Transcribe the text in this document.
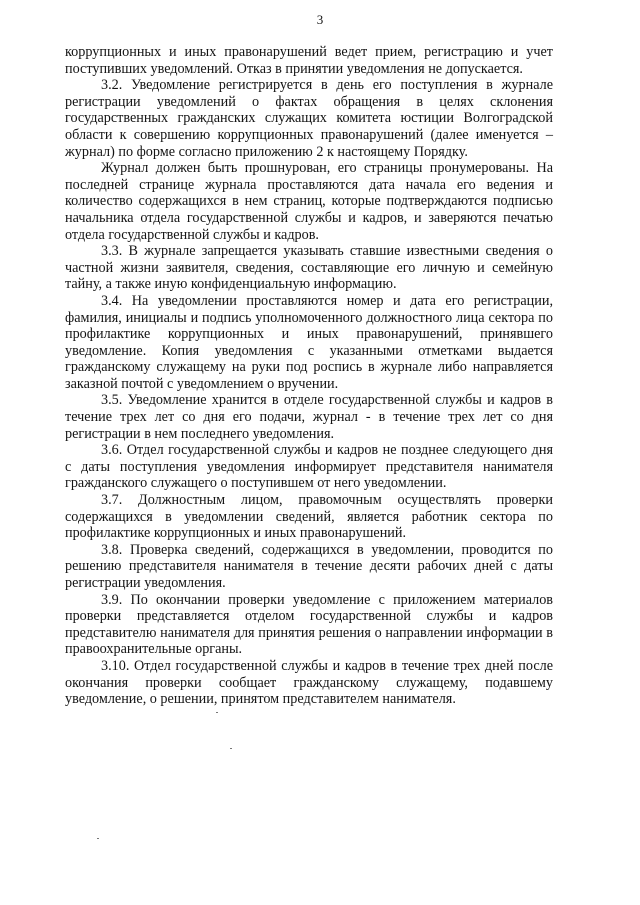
3

коррупционных и иных правонарушений ведет прием, регистрацию и учет поступивших уведомлений. Отказ в принятии уведомления не допускается.

3.2. Уведомление регистрируется в день его поступления в журнале регистрации уведомлений о фактах обращения в целях склонения государственных гражданских служащих комитета юстиции Волгоградской области к совершению коррупционных правонарушений (далее именуется – журнал) по форме согласно приложению 2 к настоящему Порядку.

Журнал должен быть прошнурован, его страницы пронумерованы. На последней странице журнала проставляются дата начала его ведения и количество содержащихся в нем страниц, которые подтверждаются подписью начальника отдела государственной службы и кадров, и заверяются печатью отдела государственной службы и кадров.

3.3. В журнале запрещается указывать ставшие известными сведения о частной жизни заявителя, сведения, составляющие его личную и семейную тайну, а также иную конфиденциальную информацию.

3.4. На уведомлении проставляются номер и дата его регистрации, фамилия, инициалы и подпись уполномоченного должностного лица сектора по профилактике коррупционных и иных правонарушений, принявшего уведомление. Копия уведомления с указанными отметками выдается гражданскому служащему на руки под роспись в журнале либо направляется заказной почтой с уведомлением о вручении.

3.5. Уведомление хранится в отделе государственной службы и кадров в течение трех лет со дня его подачи, журнал - в течение трех лет со дня регистрации в нем последнего уведомления.

3.6. Отдел государственной службы и кадров не позднее следующего дня с даты поступления уведомления информирует представителя нанимателя гражданского служащего о поступившем от него уведомлении.

3.7. Должностным лицом, правомочным осуществлять проверки содержащихся в уведомлении сведений, является работник сектора по профилактике коррупционных и иных правонарушений.

3.8. Проверка сведений, содержащихся в уведомлении, проводится по решению представителя нанимателя в течение десяти рабочих дней с даты регистрации уведомления.

3.9. По окончании проверки уведомление с приложением материалов проверки представляется отделом государственной службы и кадров представителю нанимателя для принятия решения о направлении информации в правоохранительные органы.

3.10. Отдел государственной службы и кадров в течение трех дней после окончания проверки сообщает гражданскому служащему, подавшему уведомление, о решении, принятом представителем нанимателя.
